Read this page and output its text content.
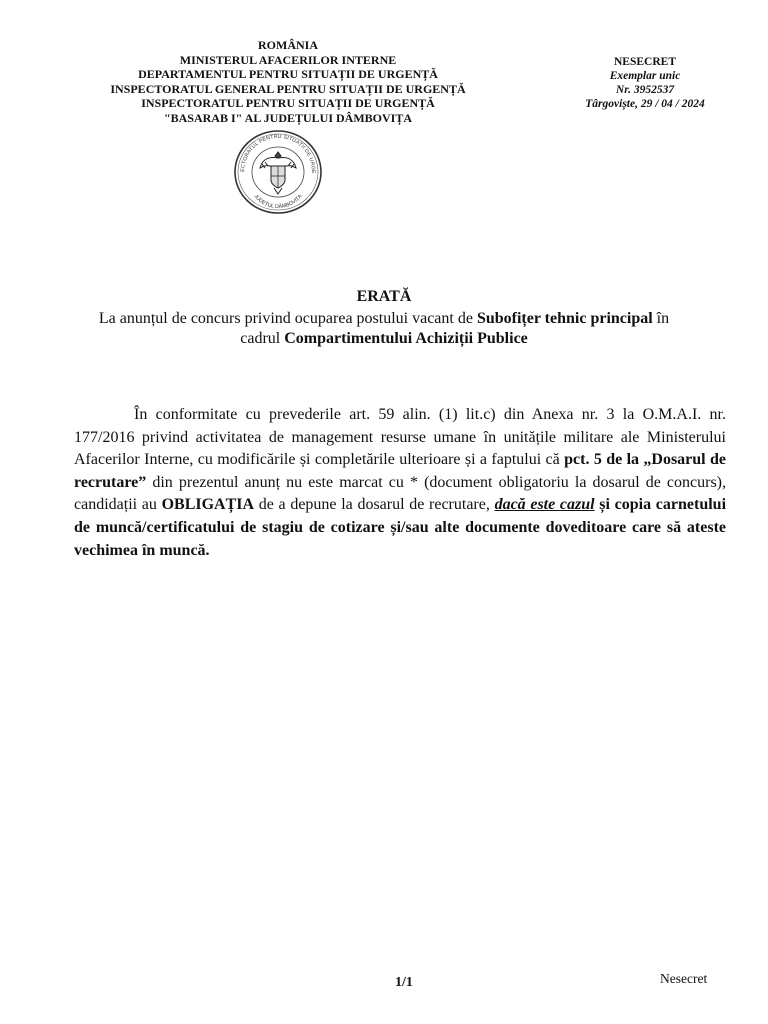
ROMÂNIA
MINISTERUL AFACERILOR INTERNE
DEPARTAMENTUL PENTRU SITUAȚII DE URGENȚĂ
INSPECTORATUL GENERAL PENTRU SITUAȚII DE URGENȚĂ
INSPECTORATUL PENTRU SITUAȚII DE URGENȚĂ
"BASARAB I" AL JUDEȚULUI DÂMBOVIȚA
NESECRET
Exemplar unic
Nr. 3952537
Târgoviște, 29 / 04 / 2024
ECTORATUL PENTRU SITUAȚII DE URGE
JUDEȚUL DÂMBOVIȚA
ERATĂ
La anunțul de concurs privind ocuparea postului vacant de Subofițer tehnic principal în
cadrul Compartimentului Achiziții Publice

În conformitate cu prevederile art. 59 alin. (1) lit.c) din Anexa nr. 3 la O.M.A.I. nr. 177/2016 privind activitatea de management resurse umane în unitățile militare ale Ministerului Afacerilor Interne, cu modificările și completările ulterioare și a faptului că pct. 5 de la „Dosarul de recrutare” din prezentul anunț nu este marcat cu * (document obligatoriu la dosarul de concurs), candidații au OBLIGAȚIA de a depune la dosarul de recrutare, dacă este cazul și copia carnetului de muncă/certificatului de stagiu de cotizare și/sau alte documente doveditoare care să ateste vechimea în muncă.

1/1	Nesecret
